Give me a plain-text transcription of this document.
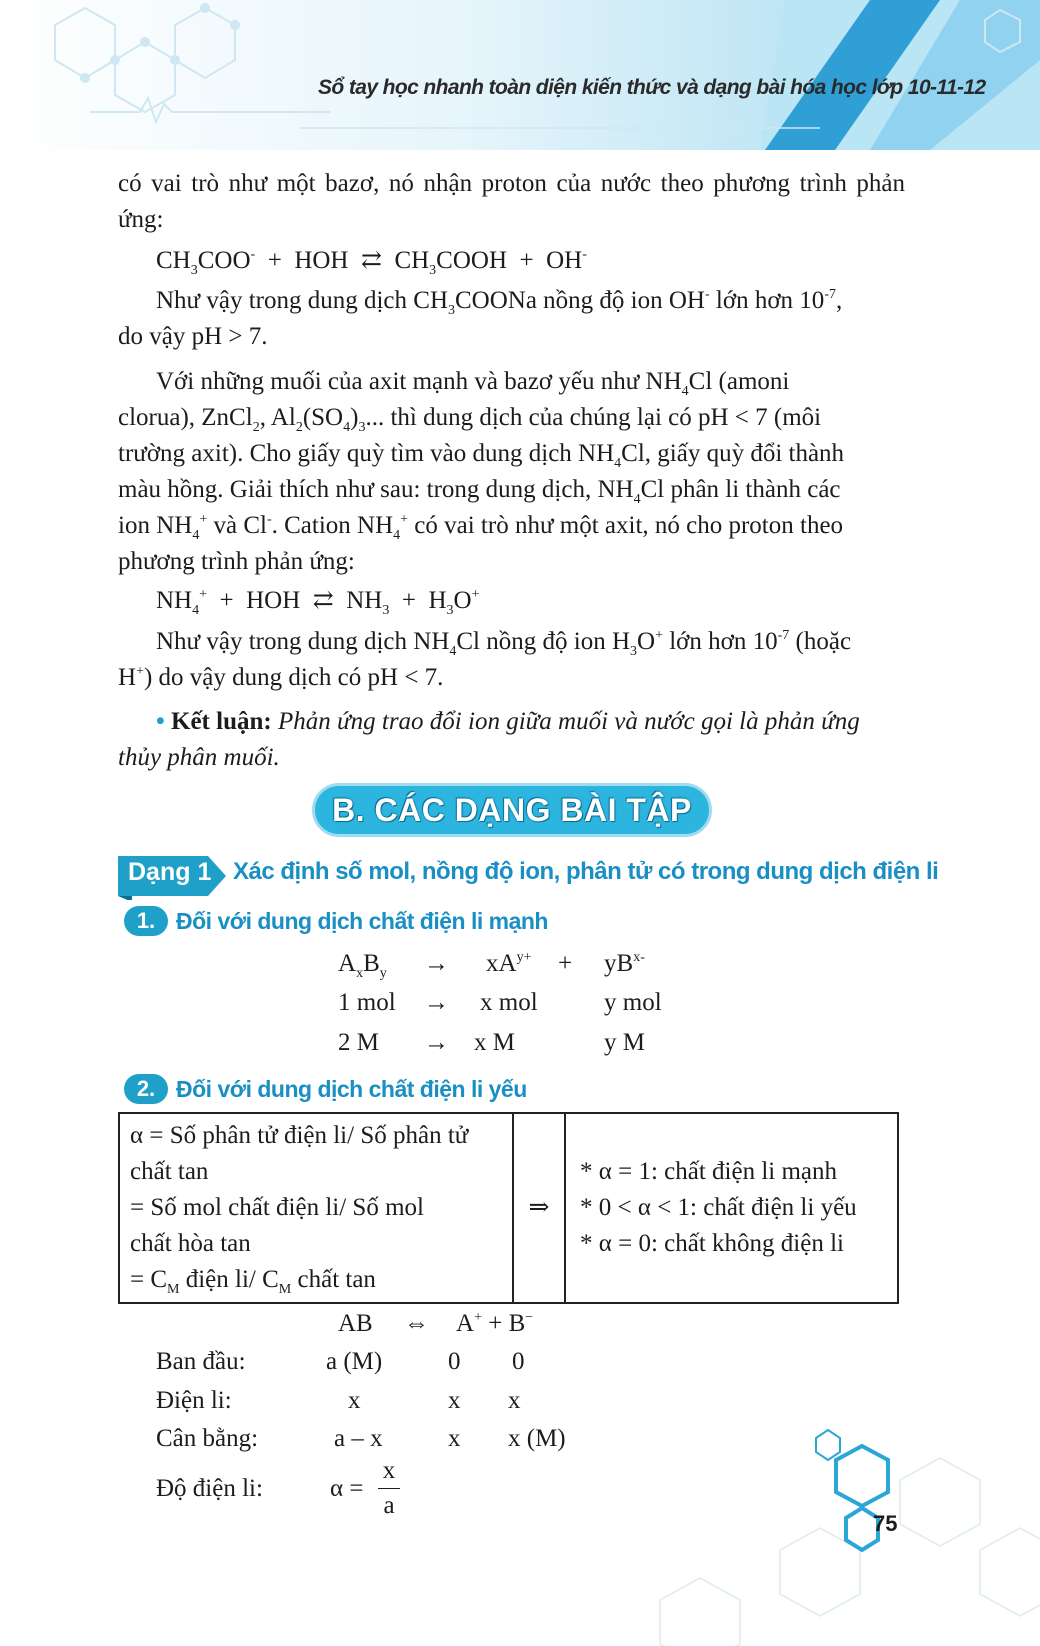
Sổ tay học nhanh toàn diện kiến thức và dạng bài hóa học lớp 10-11-12
có vai trò như một bazơ, nó nhận proton của nước theo phương trình phản ứng:
$CH_3COO^-$ + HOH ⇄ $CH_3COOH + OH^-$
Như vậy trong dung dịch $CH_3COONa$ nồng độ ion OH- lớn hơn $10^{-7}$,
do vậy pH > 7.
Với những muối của axit mạnh và bazơ yếu như $NH_4Cl$ (amoni
clorua), ZnCl$_2$, $Al_2(SO_4)_3$... thì dung dịch của chúng lại có pH < 7 (môi
trường axit). Cho giấy quỳ tìm vào dung dịch $NH_4Cl$, giấy quỳ đổi thành
màu hồng. Giải thích như sau: trong dung dịch, $NH_4Cl$ phân li thành các
ion $NH_4^+$ và Cl-. Cation $NH_4^+$ có vai trò như một axit, nó cho proton theo
phương trình phản ứng:
$NH_4^+$ + HOH ⇄ $NH_3 + H_3O^+$
Như vậy trong dung dịch $NH_4Cl$ nồng độ ion $H_3O^+$ lớn hơn $10^{-7}$ (hoặc
H+) do vậy dung dịch có pH < 7.
• Kết luận: Phản ứng trao đổi ion giữa muối và nước gọi là phản ứng
thủy phân muối.
B. CÁC DẠNG BÀI TẬP
Dạng 1 Xác định số mol, nồng độ ion, phân tử có trong dung dịch điện li
1. Đối với dung dịch chất điện li mạnh
$A_xB_y \to xA^{y+} + yB^{x-}$
1 mol → x mol	y mol
2 M → x M	y M
2. Đối với dung dịch chất điện li yếu
α = Số phân tử điện li/ Số phân tử
chất tan
= Số mol chất điện li/ Số mol
chất hòa tan
= $C_M$ điện li/ $C_M$ chất tan
	⇒	
* α = 1: chất điện li mạnh
* 0 < α < 1: chất điện li yếu
* α = 0: chất không điện li
AB ⇔ A+ + B−
Ban đầu:	a (M)	0 0
Điện li:	x	x x
Cân bằng:	a – x	x x (M)
Độ điện li:	α =
x
a
75
